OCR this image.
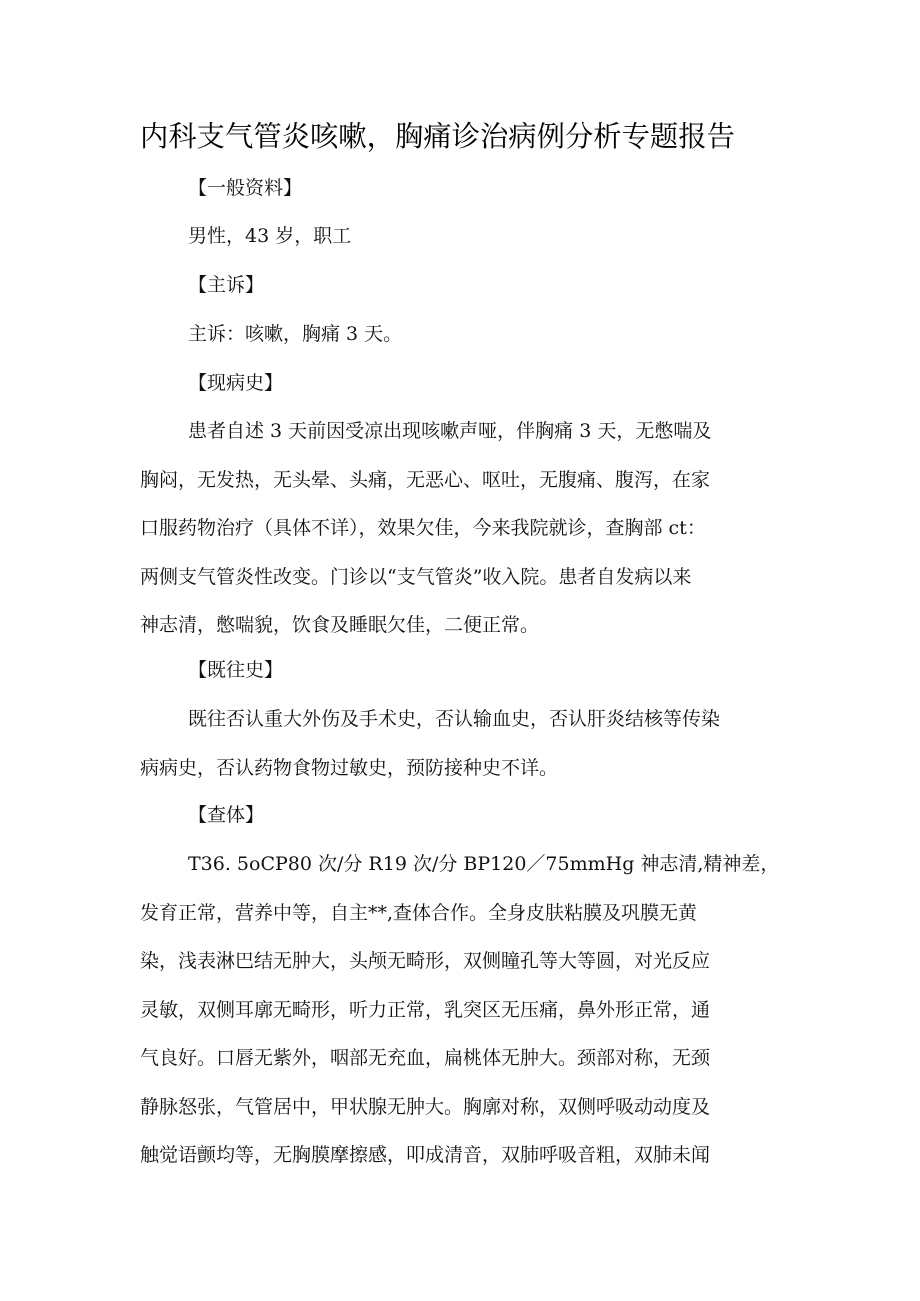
内科支气管炎咳嗽，胸痛诊治病例分析专题报告
【一般资料】
男性，43 岁，职工
【主诉】
主诉：咳嗽，胸痛 3 天。
【现病史】
患者自述 3 天前因受凉出现咳嗽声哑，伴胸痛 3 天，无憋喘及
胸闷，无发热，无头晕、头痛，无恶心、呕吐，无腹痛、腹泻，在家
口服药物治疗（具体不详），效果欠佳，今来我院就诊，查胸部 ct：
两侧支气管炎性改变。门诊以“支气管炎”收入院。患者自发病以来
神志清，憋喘貌，饮食及睡眠欠佳，二便正常。
【既往史】
既往否认重大外伤及手术史，否认输血史，否认肝炎结核等传染
病病史，否认药物食物过敏史，预防接种史不详。
【查体】
T36. 5oCP80 次/分 R19 次/分 BP120／75mmHg 神志清,精神差，
发育正常，营养中等，自主**,查体合作。全身皮肤粘膜及巩膜无黄
染，浅表淋巴结无肿大，头颅无畸形，双侧瞳孔等大等圆，对光反应
灵敏，双侧耳廓无畸形，听力正常，乳突区无压痛，鼻外形正常，通
气良好。口唇无紫外，咽部无充血，扁桃体无肿大。颈部对称，无颈
静脉怒张，气管居中，甲状腺无肿大。胸廓对称，双侧呼吸动动度及
触觉语颤均等，无胸膜摩擦感，叩成清音，双肺呼吸音粗，双肺未闻
